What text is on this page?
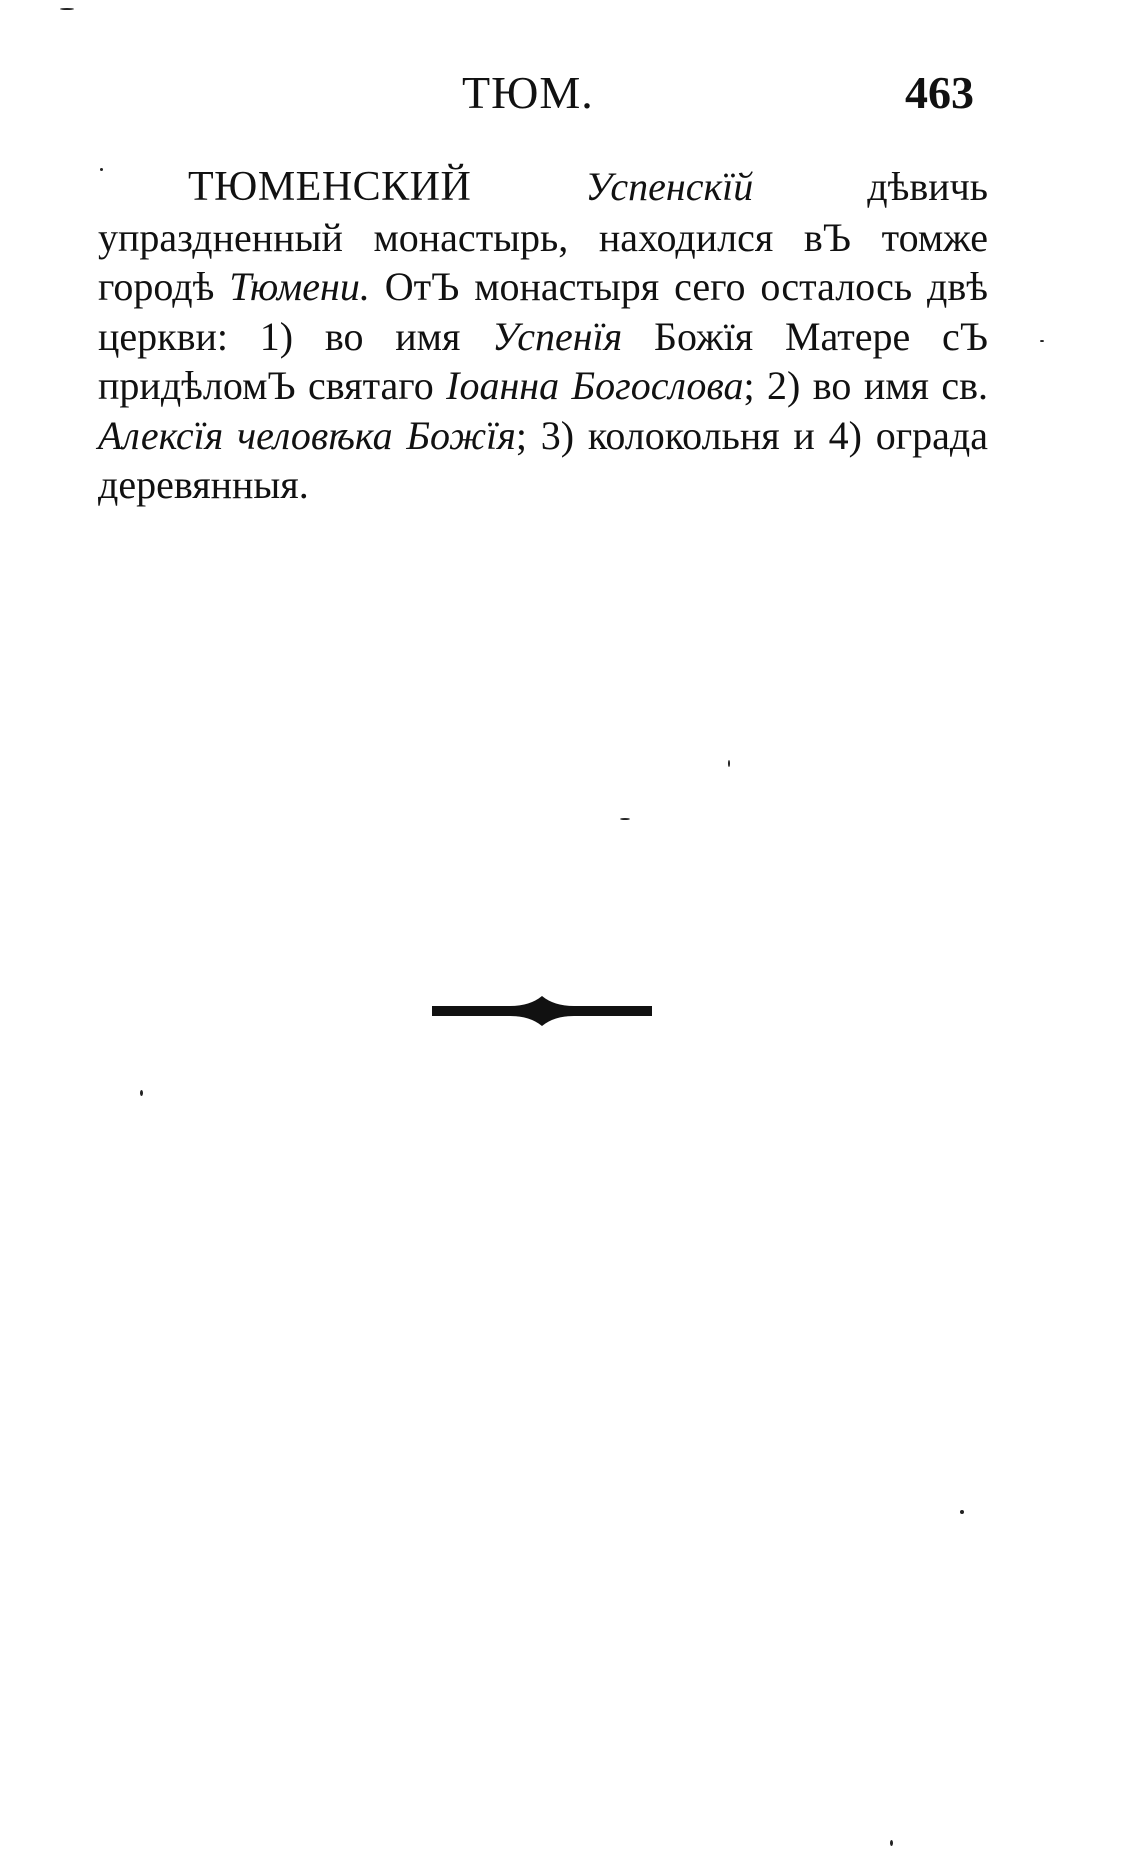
ТЮМ.	463

ТЮМЕНСКИЙ	Успенскїй дѣвичь упраздненный монастырь, находился вЪ томже городѣ Тюмени. ОтЪ монастыря сего осталось двѣ церкви: 1) во имя Успенїя Божїя Матере сЪ придѣломЪ святаго Іоанна Богослова; 2) во имя св. Алексїя человѣка Божїя; 3) колокольня и 4) ограда деревянныя.
